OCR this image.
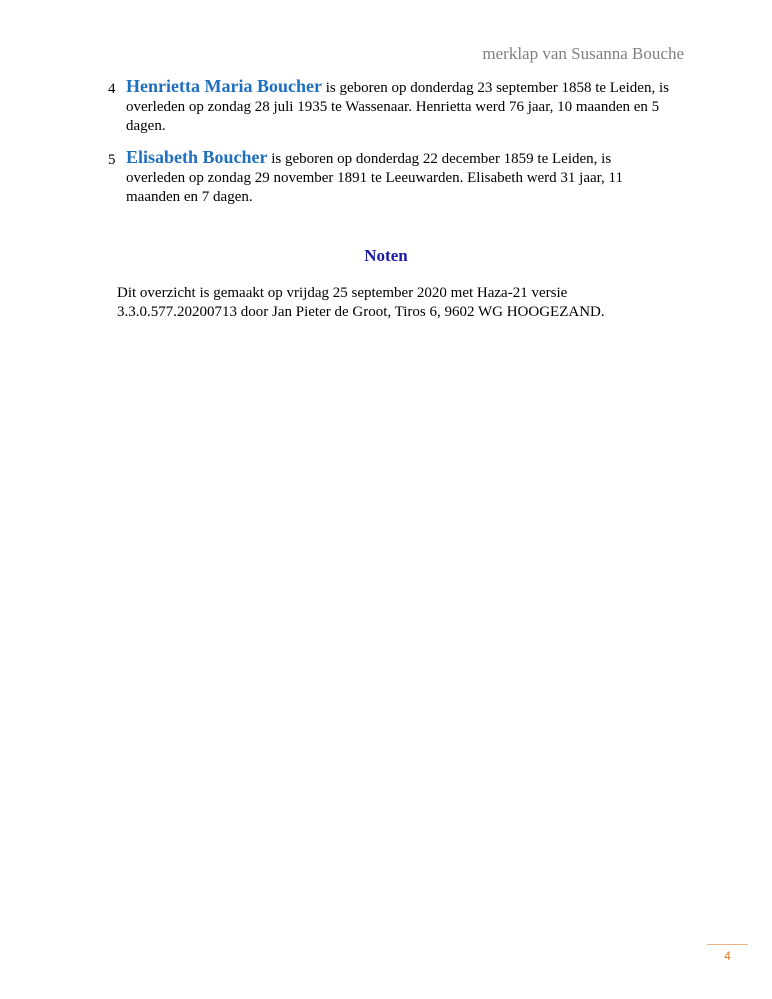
merklap van Susanna Bouche
4 Henrietta Maria Boucher is geboren op donderdag 23 september 1858 te Leiden, is overleden op zondag 28 juli 1935 te Wassenaar. Henrietta werd 76 jaar, 10 maanden en 5 dagen.
5 Elisabeth Boucher is geboren op donderdag 22 december 1859 te Leiden, is overleden op zondag 29 november 1891 te Leeuwarden. Elisabeth werd 31 jaar, 11 maanden en 7 dagen.
Noten
Dit overzicht is gemaakt op vrijdag 25 september 2020 met Haza-21 versie 3.3.0.577.20200713 door Jan Pieter de Groot, Tiros 6, 9602 WG HOOGEZAND.
4
